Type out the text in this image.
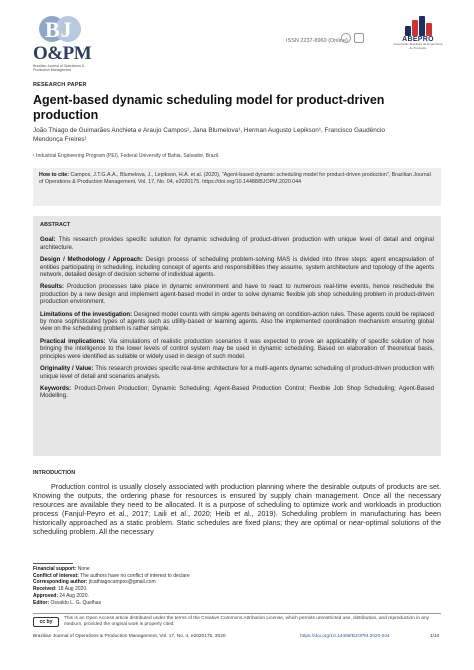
BJ
O&PM
Brazilian Journal of Operations & Production Management
ISSN 2237-8960 (Online)	ABEPRO
Associação Brasileira de Engenharia de Produção
RESEARCH PAPER
Agent-based dynamic scheduling model for product-driven production
João Thiago de Guimarães Anchieta e Araujo Campos¹, Jana Blumelova¹, Herman Augusto Lepikson¹, Francisco Gaudêncio Mendonça Freires¹
¹ Industrial Engineering Program (PEI), Federal University of Bahia, Salvador, Brazil.
How to cite: Campos, J.T.G.A.A., Blumelova, J., Lepikson, H.A. et al. (2020), "Agent-based dynamic scheduling model for product-driven production", Brazilian Journal of Operations & Production Management, Vol. 17, No. 04, e2020175. https://doi.org/10.14488/BJOPM.2020.044
ABSTRACT
Goal: This research provides specific solution for dynamic scheduling of product-driven production with unique level of detail and original architecture.
Design / Methodology / Approach: Design process of scheduling problem-solving MAS is divided into three steps: agent encapsulation of entities participating in scheduling, including concept of agents and responsibilities they assume, system architecture and topology of the agents network, detailed design of decision scheme of individual agents.
Results: Production processes take place in dynamic environment and have to react to numerous real-time events, hence reschedule the production by a new design and implement agent-based model in order to solve dynamic flexible job shop scheduling problem in product-driven production environment.
Limitations of the investigation: Designed model counts with simple agents behaving on condition-action rules. These agents could be replaced by more sophisticated types of agents such as utility-based or learning agents. Also the implemented coordination mechanism ensuring global view on the scheduling problem is rather simple.
Practical implications: Via simulations of realistic production scenarios it was expected to prove an applicability of specific solution of how bringing the intelligence to the lower levels of control system may be used in dynamic scheduling. Based on elaboration of theoretical basis, principles were identified as suitable or widely used in design of such model.
Originality / Value: This research provides specific real-time architecture for a multi-agents dynamic scheduling of product-driven production with unique level of detail and scenarios analysis.
Keywords: Product-Driven Production; Dynamic Scheduling; Agent-Based Production Control; Flexible Job Shop Scheduling; Agent-Based Modelling.
INTRODUCTION
Production control is usually closely associated with production planning where the desirable outputs of products are set. Knowing the outputs, the ordering phase for resources is ensured by supply chain management. Once all the necessary resources are available they need to be allocated. It is a purpose of scheduling to optimize work and workloads in production process (Fanjul-Peyro et al., 2017; Laili et al., 2020; Heib et al., 2019). Scheduling problem in manufacturing has been historically approached as a static problem. Static schedules are fixed plans; they are optimal or near-optimal solutions of the scheduling problem. All the necessary
Financial support: None
Conflict of interest: The authors have no conflict of interest to declare
Corresponding author: jtcathiagocampos@gmail.com
Received: 18 Aug 2020.
Approved: 24 Aug 2020.
Editor: Osvaldo L. G. Quelhas
cc by
This is an Open Access article distributed under the terms of the Creative Commons Attribution License, which permits unrestricted use, distribution, and reproduction in any medium, provided the original work is properly cited.
Brazilian Journal of Operations & Production Management, Vol. 17, No. 4, e2020175, 2020	https://doi.org/10.14488/BJOPM.2020.044	1/10
